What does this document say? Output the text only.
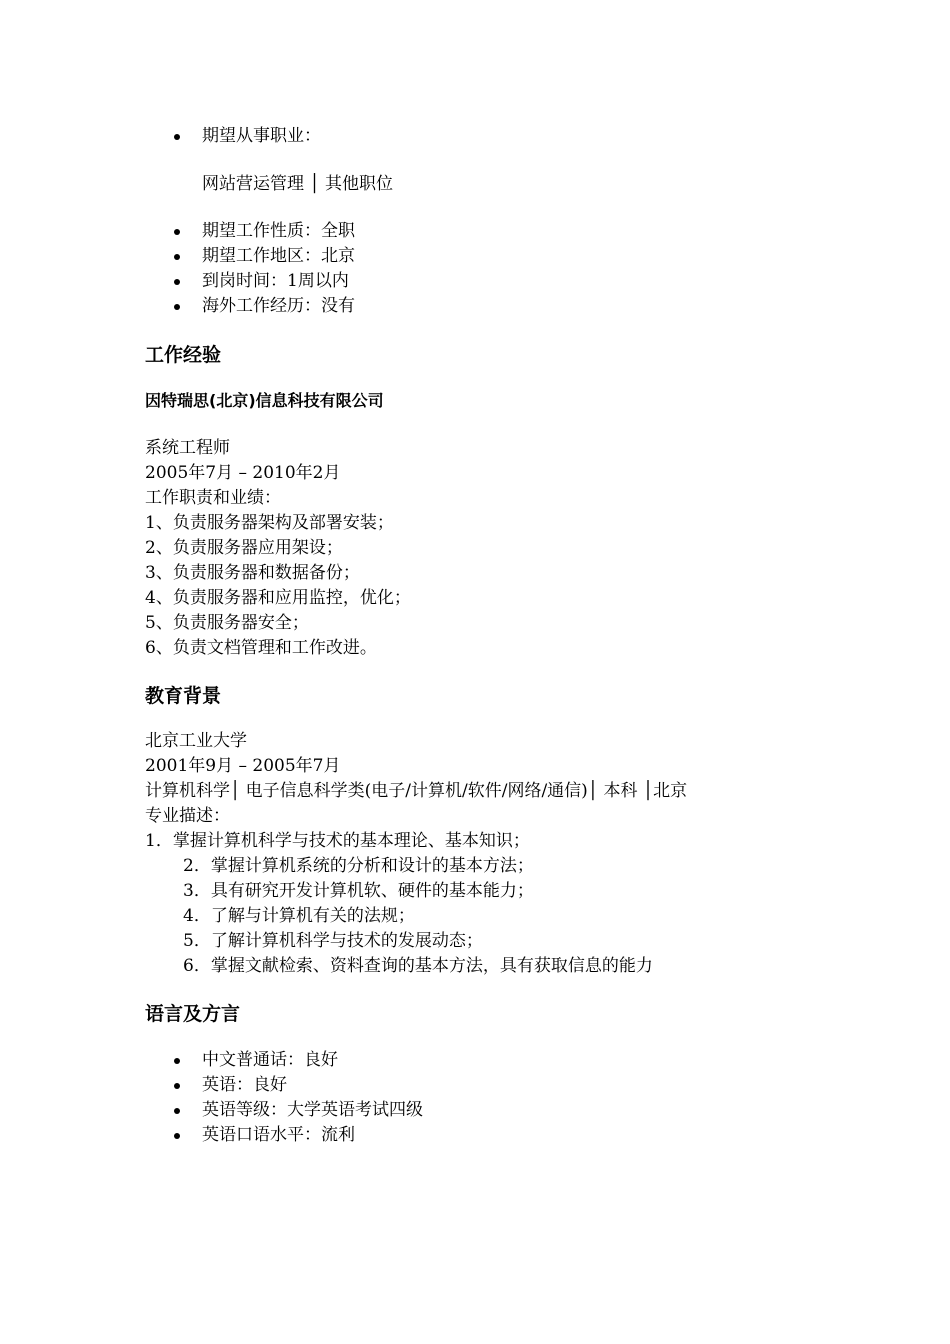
期望从事职业：
网站营运管理 │ 其他职位
期望工作性质：全职
期望工作地区：北京
到岗时间：1周以内
海外工作经历：没有
工作经验
因特瑞思(北京)信息科技有限公司
系统工程师
2005年7月 – 2010年2月
工作职责和业绩：
1、负责服务器架构及部署安装；
2、负责服务器应用架设；
3、负责服务器和数据备份；
4、负责服务器和应用监控，优化；
5、负责服务器安全；
6、负责文档管理和工作改进。
教育背景
北京工业大学
2001年9月 – 2005年7月
计算机科学│ 电子信息科学类(电子/计算机/软件/网络/通信)│ 本科 │北京
专业描述：
1．掌握计算机科学与技术的基本理论、基本知识；
2．掌握计算机系统的分析和设计的基本方法；
3．具有研究开发计算机软、硬件的基本能力；
4．了解与计算机有关的法规；
5．了解计算机科学与技术的发展动态；
6．掌握文献检索、资料查询的基本方法，具有获取信息的能力
语言及方言
中文普通话：良好
英语：良好
英语等级：大学英语考试四级
英语口语水平：流利
